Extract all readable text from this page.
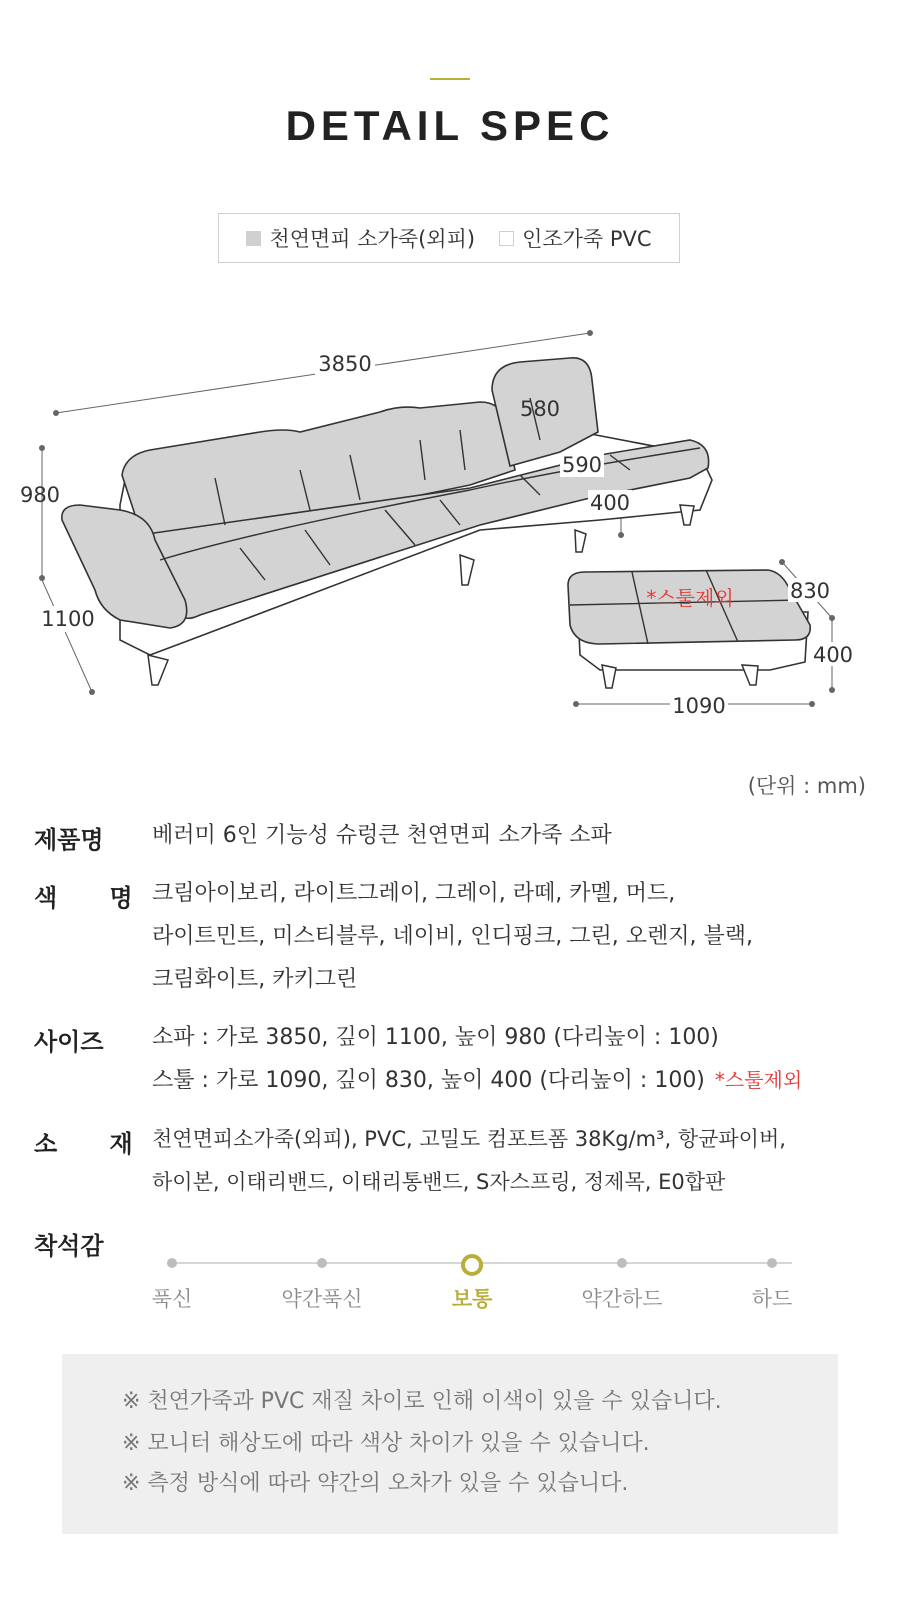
DETAIL SPEC
천연면피 소가죽(외피) 인조가죽 PVC
3850
980
1100
580
590
400
*스툴제외	830
400
1090
(단위 : mm)
제품명 베러미 6인 기능성 슈렁큰 천연면피 소가죽 소파
색 명
크림아이보리, 라이트그레이, 그레이, 라떼, 카멜, 머드,
라이트민트, 미스티블루, 네이비, 인디핑크, 그린, 오렌지, 블랙,
크림화이트, 카키그린
사이즈 소파 : 가로 3850, 깊이 1100, 높이 980 (다리높이 : 100)
스툴 : 가로 1090, 깊이 830, 높이 400 (다리높이 : 100) *스툴제외
소 재
천연면피소가죽(외피), PVC, 고밀도 컴포트폼 38Kg/m³, 항균파이버,
하이본, 이태리밴드, 이태리통밴드, S자스프링, 정제목, E0합판
착석감
푹신	약간푹신	보통	약간하드	하드
※ 천연가죽과 PVC 재질 차이로 인해 이색이 있을 수 있습니다.
※ 모니터 해상도에 따라 색상 차이가 있을 수 있습니다.
※ 측정 방식에 따라 약간의 오차가 있을 수 있습니다.
